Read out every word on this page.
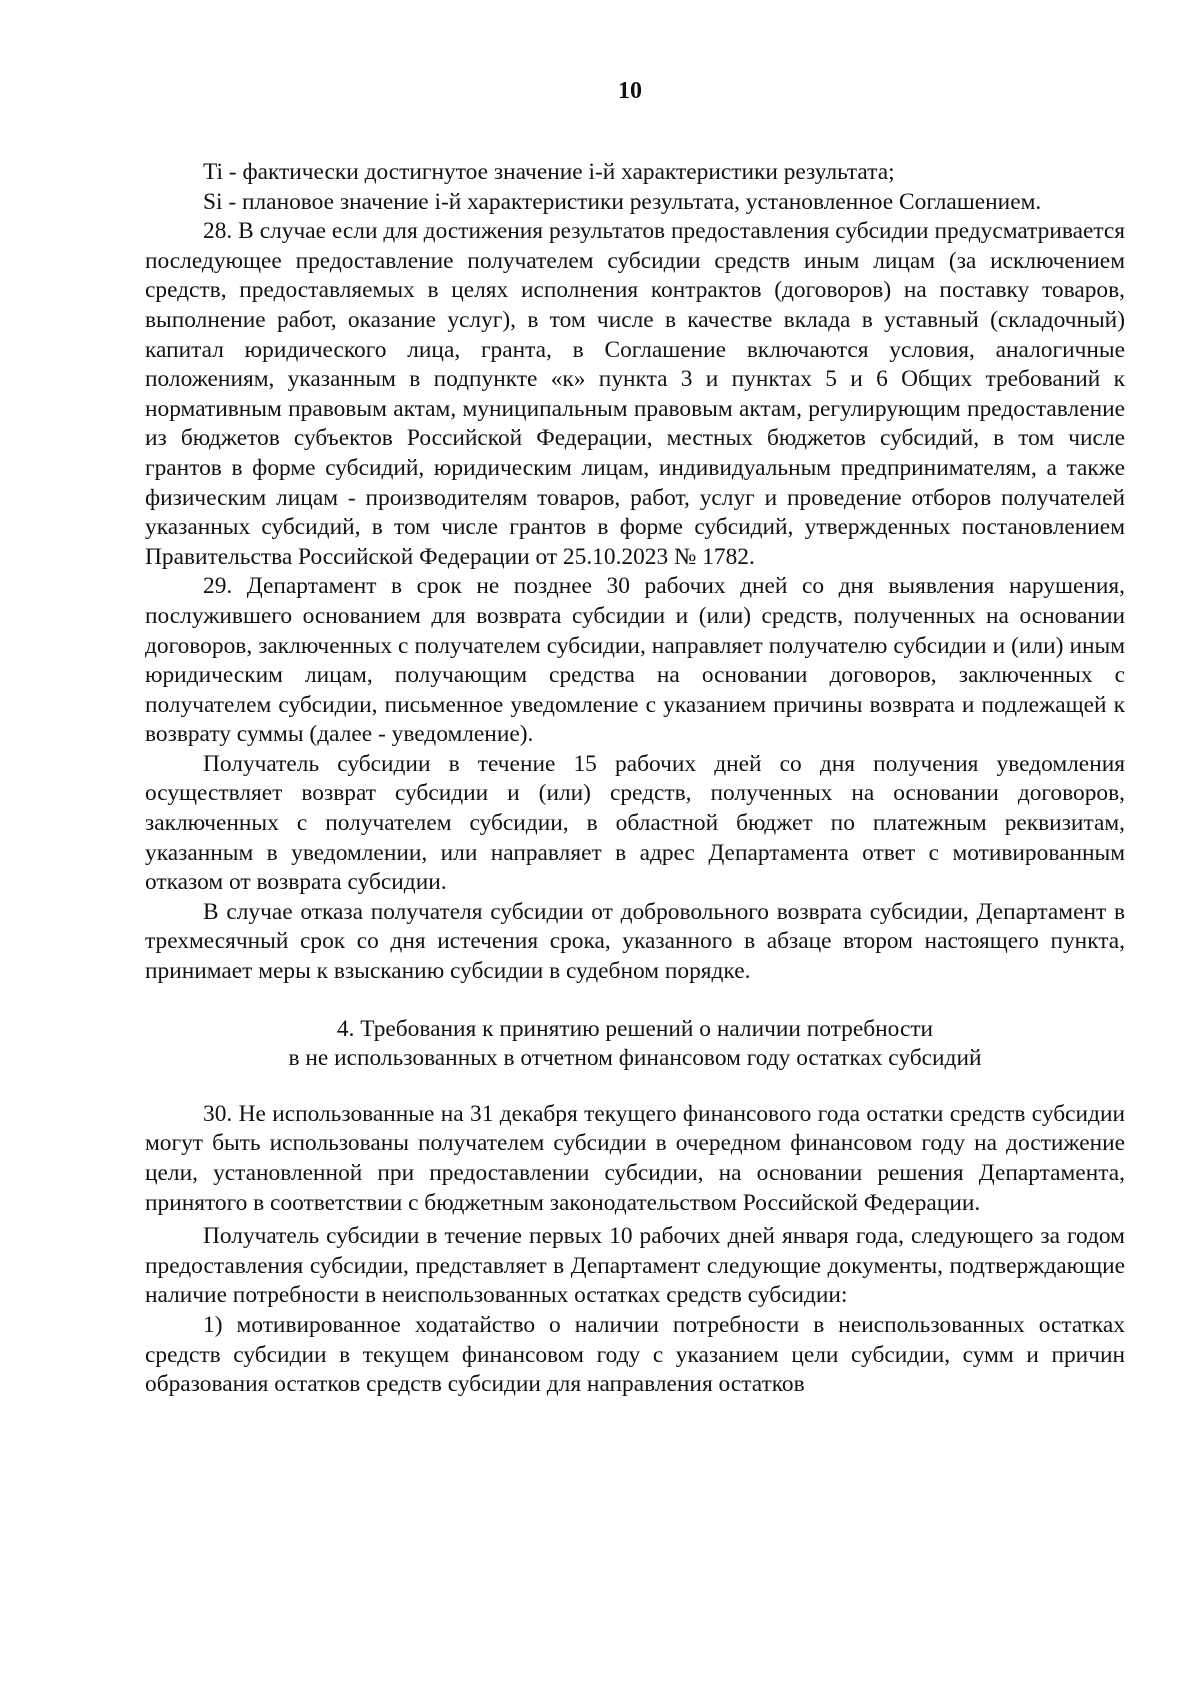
10

Ti - фактически достигнутое значение i-й характеристики результата;

Si - плановое значение i-й характеристики результата, установленное Соглашением.

28. В случае если для достижения результатов предоставления субсидии предусматривается последующее предоставление получателем субсидии средств иным лицам (за исключением средств, предоставляемых в целях исполнения контрактов (договоров) на поставку товаров, выполнение работ, оказание услуг), в том числе в качестве вклада в уставный (складочный) капитал юридического лица, гранта, в Соглашение включаются условия, аналогичные положениям, указанным в подпункте «к» пункта 3 и пунктах 5 и 6 Общих требований к нормативным правовым актам, муниципальным правовым актам, регулирующим предоставление из бюджетов субъектов Российской Федерации, местных бюджетов субсидий, в том числе грантов в форме субсидий, юридическим лицам, индивидуальным предпринимателям, а также физическим лицам - производителям товаров, работ, услуг и проведение отборов получателей указанных субсидий, в том числе грантов в форме субсидий, утвержденных постановлением Правительства Российской Федерации от 25.10.2023 № 1782.

29. Департамент в срок не позднее 30 рабочих дней со дня выявления нарушения, послужившего основанием для возврата субсидии и (или) средств, полученных на основании договоров, заключенных с получателем субсидии, направляет получателю субсидии и (или) иным юридическим лицам, получающим средства на основании договоров, заключенных с получателем субсидии, письменное уведомление с указанием причины возврата и подлежащей к возврату суммы (далее - уведомление).

Получатель субсидии в течение 15 рабочих дней со дня получения уведомления осуществляет возврат субсидии и (или) средств, полученных на основании договоров, заключенных с получателем субсидии, в областной бюджет по платежным реквизитам, указанным в уведомлении, или направляет в адрес Департамента ответ с мотивированным отказом от возврата субсидии.

В случае отказа получателя субсидии от добровольного возврата субсидии, Департамент в трехмесячный срок со дня истечения срока, указанного в абзаце втором настоящего пункта, принимает меры к взысканию субсидии в судебном порядке.

4. Требования к принятию решений о наличии потребности
в не использованных в отчетном финансовом году остатках субсидий

30. Не использованные на 31 декабря текущего финансового года остатки средств субсидии могут быть использованы получателем субсидии в очередном финансовом году на достижение цели, установленной при предоставлении субсидии, на основании решения Департамента, принятого в соответствии с бюджетным законодательством Российской Федерации.

Получатель субсидии в течение первых 10 рабочих дней января года, следующего за годом предоставления субсидии, представляет в Департамент следующие документы, подтверждающие наличие потребности в неиспользованных остатках средств субсидии:

1) мотивированное ходатайство о наличии потребности в неиспользованных остатках средств субсидии в текущем финансовом году с указанием цели субсидии, сумм и причин образования остатков средств субсидии для направления остатков
